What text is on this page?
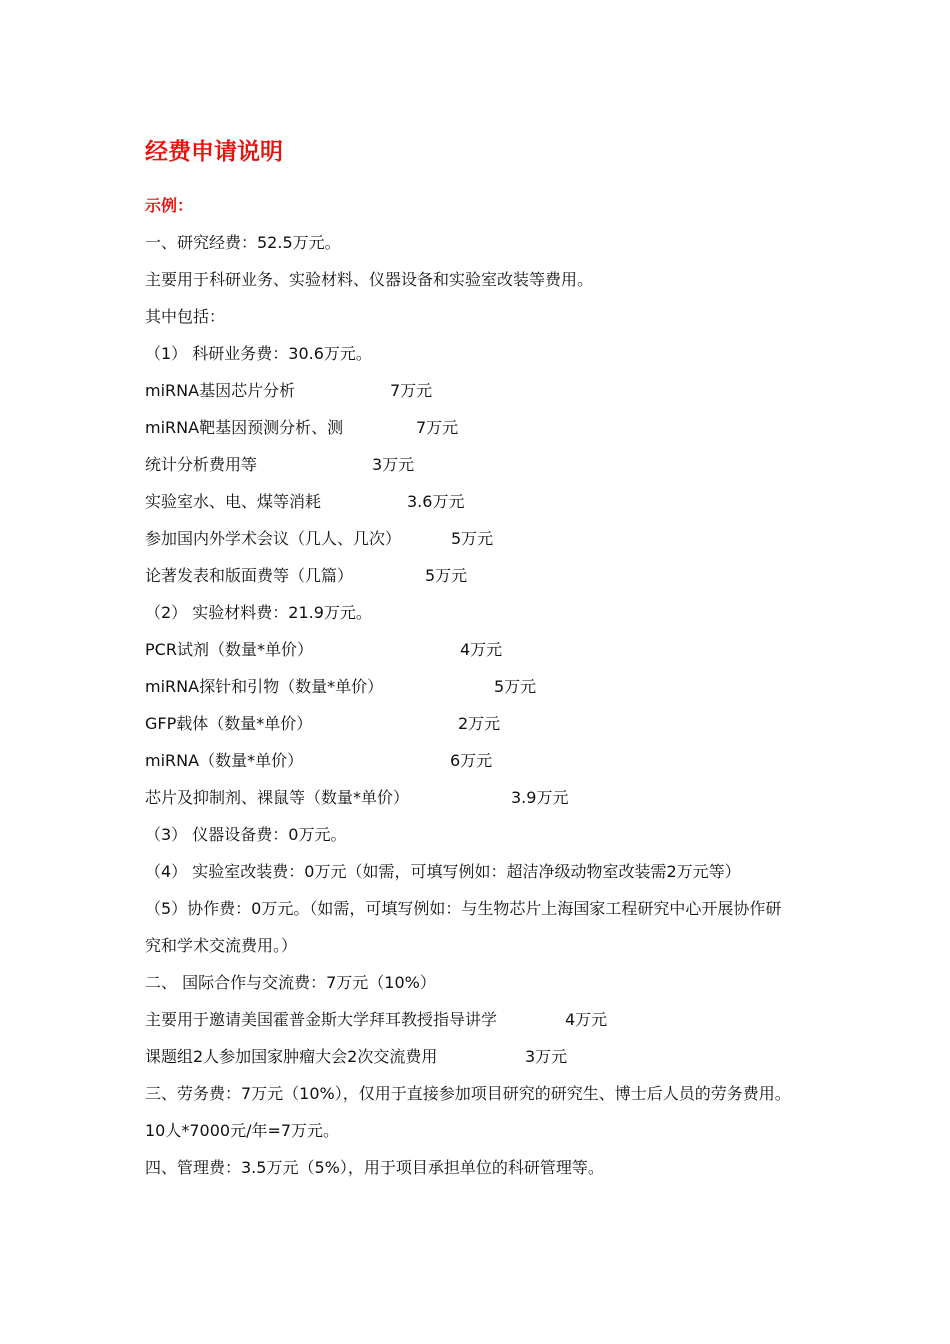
经费申请说明
示例：
一、研究经费：52.5万元。
主要用于科研业务、实验材料、仪器设备和实验室改装等费用。
其中包括：
（1） 科研业务费：30.6万元。
miRNA基因芯片分析	7万元
miRNA靶基因预测分析、测	7万元
统计分析费用等	3万元
实验室水、电、煤等消耗	3.6万元
参加国内外学术会议（几人、几次）	5万元
论著发表和版面费等（几篇）	5万元
（2） 实验材料费：21.9万元。
PCR试剂（数量*单价）	4万元
miRNA探针和引物（数量*单价）	5万元
GFP载体（数量*单价）	2万元
miRNA（数量*单价）	6万元
芯片及抑制剂、裸鼠等（数量*单价）	3.9万元
（3） 仪器设备费：0万元。
（4） 实验室改装费：0万元（如需，可填写例如：超洁净级动物室改装需2万元等）
（5）协作费：0万元。（如需，可填写例如：与生物芯片上海国家工程研究中心开展协作研
究和学术交流费用。）
二、 国际合作与交流费：7万元（10%）
主要用于邀请美国霍普金斯大学拜耳教授指导讲学	4万元
课题组2人参加国家肿瘤大会2次交流费用	3万元
三、劳务费：7万元（10%），仅用于直接参加项目研究的研究生、博士后人员的劳务费用。
10人*7000元/年=7万元。
四、管理费：3.5万元（5%），用于项目承担单位的科研管理等。
